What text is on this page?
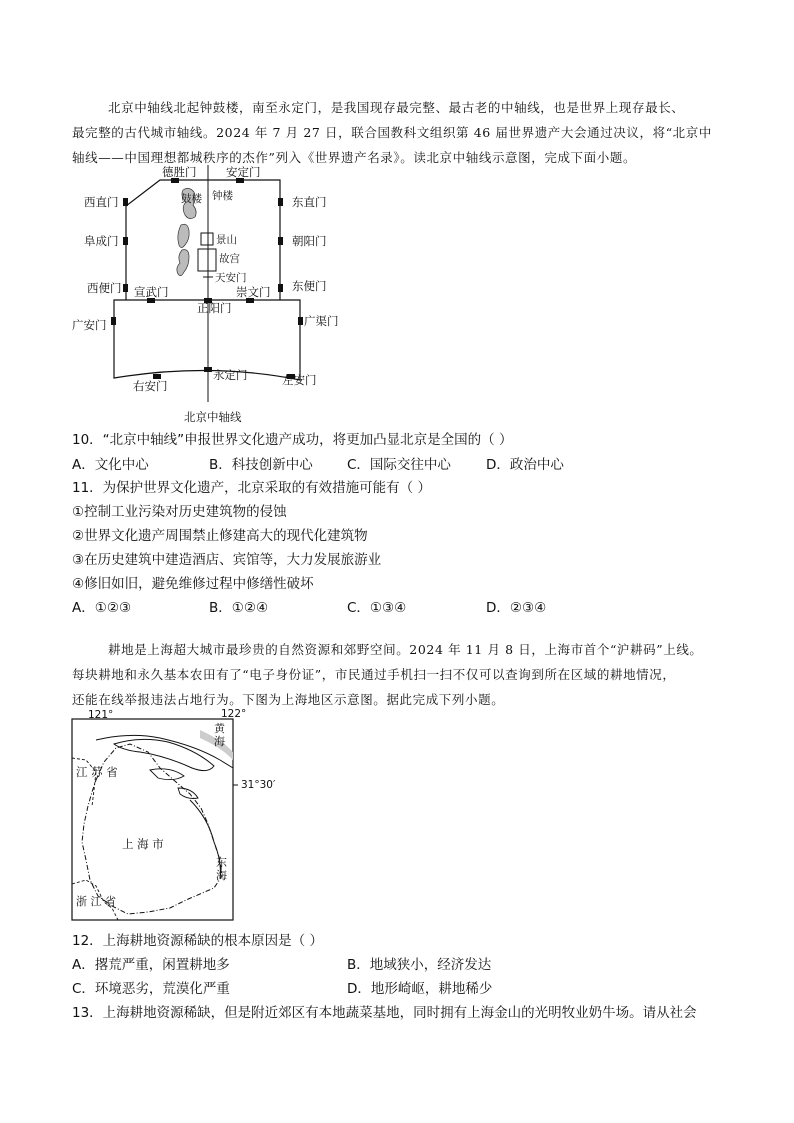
北京中轴线北起钟鼓楼，南至永定门，是我国现存最完整、最古老的中轴线，也是世界上现存最长、
最完整的古代城市轴线。2024 年 7 月 27 日，联合国教科文组织第 46 届世界遗产大会通过决议，将“北京中
轴线——中国理想都城秩序的杰作”列入《世界遗产名录》。读北京中轴线示意图，完成下面小题。
德胜门	安定门
西直门	东直门
阜成门	朝阳门
西便门	东便门
宣武门
正阳门
崇文门
广安门	广渠门
右安门
永定门	左安门
鼓楼 钟楼
景山
故宫
天安门
北京中轴线
10．“北京中轴线”申报世界文化遗产成功，将更加凸显北京是全国的（ ）
A．文化中心	B．科技创新中心	C．国际交往中心	D．政治中心
11．为保护世界文化遗产，北京采取的有效措施可能有（ ）
①控制工业污染对历史建筑物的侵蚀
②世界文化遗产周围禁止修建高大的现代化建筑物
③在历史建筑中建造酒店、宾馆等，大力发展旅游业
④修旧如旧，避免维修过程中修缮性破坏
A．①②③	B．①②④	C．①③④	D．②③④
耕地是上海超大城市最珍贵的自然资源和郊野空间。2024 年 11 月 8 日，上海市首个“沪耕码”上线。
每块耕地和永久基本农田有了“电子身份证”，市民通过手机扫一扫不仅可以查询到所在区域的耕地情况，
还能在线举报违法占地行为。下图为上海地区示意图。据此完成下列小题。
121°	122°
31°30′
江 苏 省
上 海 市
黄
海
东
海
浙 江 省
12．上海耕地资源稀缺的根本原因是（ ）
A．撂荒严重，闲置耕地多	B．地域狭小，经济发达
C．环境恶劣，荒漠化严重	D．地形崎岖，耕地稀少
13．上海耕地资源稀缺，但是附近郊区有本地蔬菜基地，同时拥有上海金山的光明牧业奶牛场。请从社会
